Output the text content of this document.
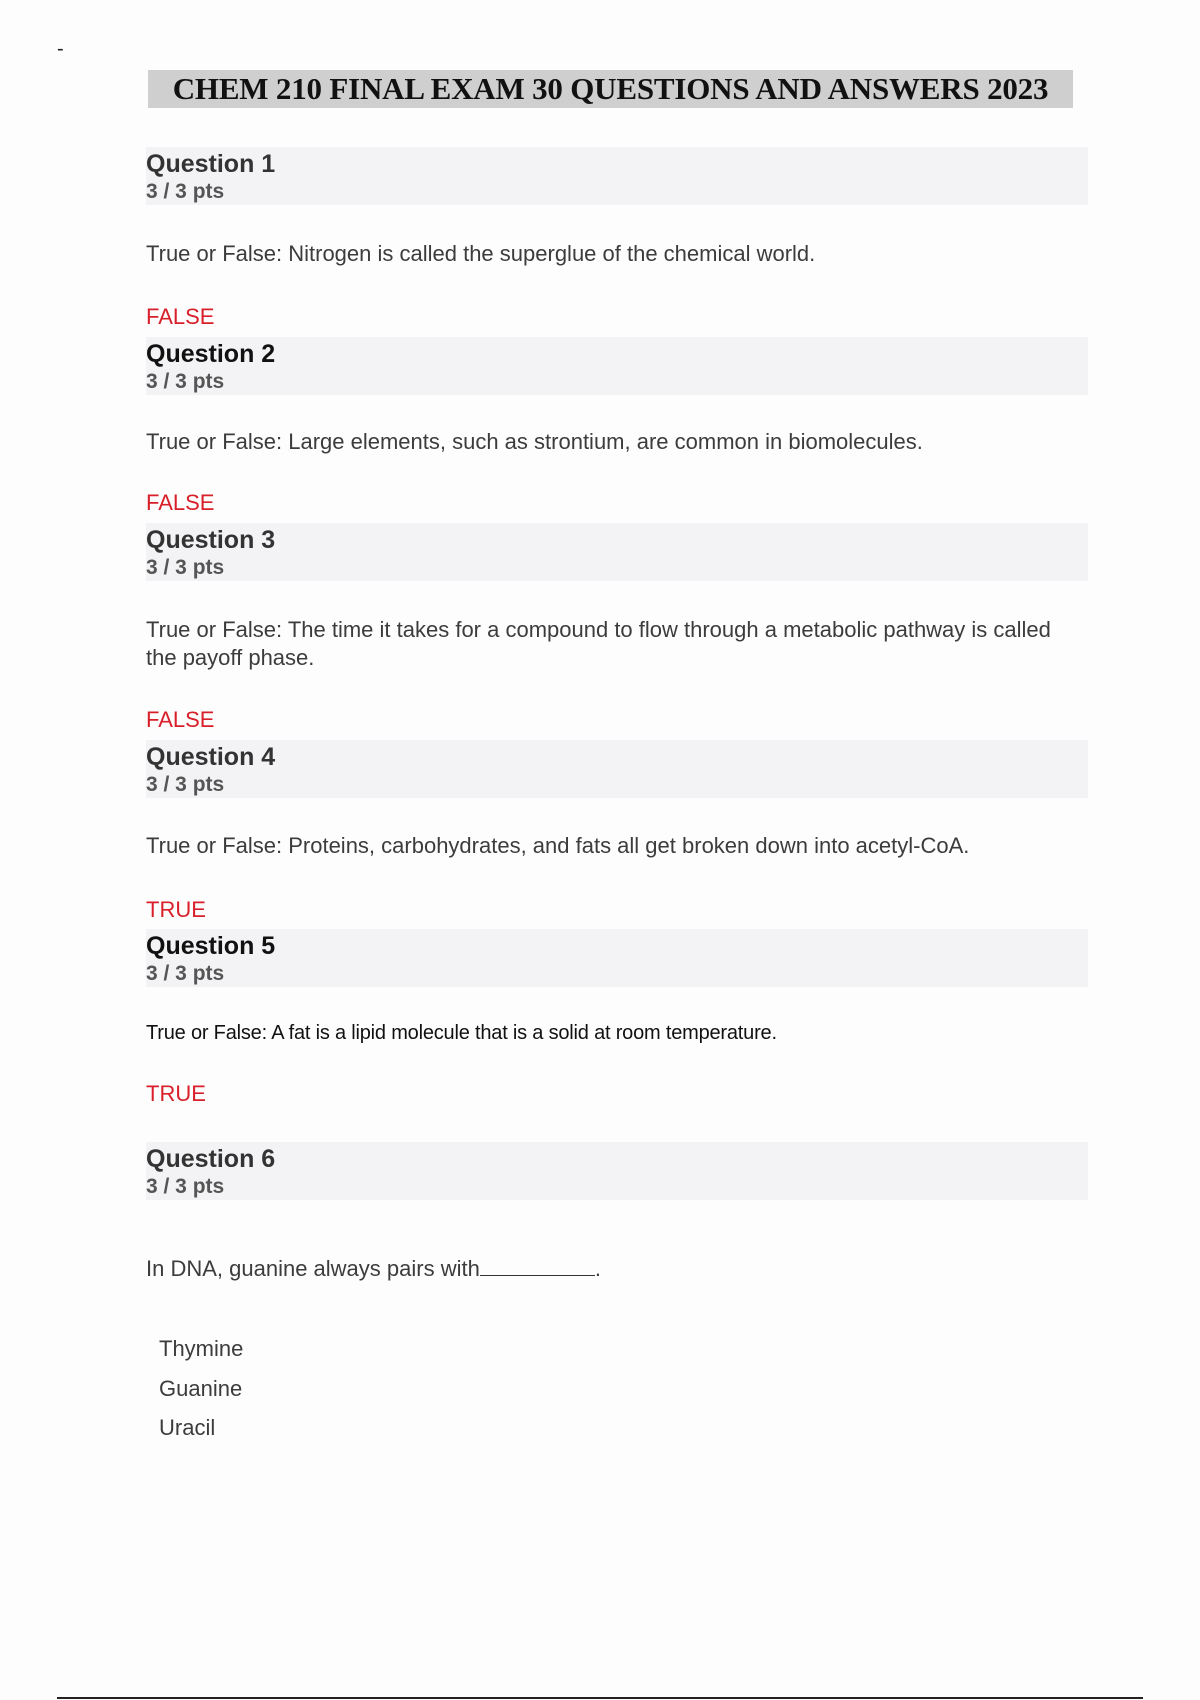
-
CHEM 210 FINAL EXAM 30 QUESTIONS AND ANSWERS 2023
Question 1
3 / 3 pts
True or False: Nitrogen is called the superglue of the chemical world.
FALSE
Question 2
3 / 3 pts
True or False: Large elements, such as strontium, are common in biomolecules.
FALSE
Question 3
3 / 3 pts
True or False: The time it takes for a compound to flow through a metabolic pathway is called the payoff phase.
FALSE
Question 4
3 / 3 pts
True or False: Proteins, carbohydrates, and fats all get broken down into acetyl-CoA.
TRUE
Question 5
3 / 3 pts
True or False: A fat is a lipid molecule that is a solid at room temperature.
TRUE
Question 6
3 / 3 pts
In DNA, guanine always pairs with	.
Thymine
Guanine
Uracil
